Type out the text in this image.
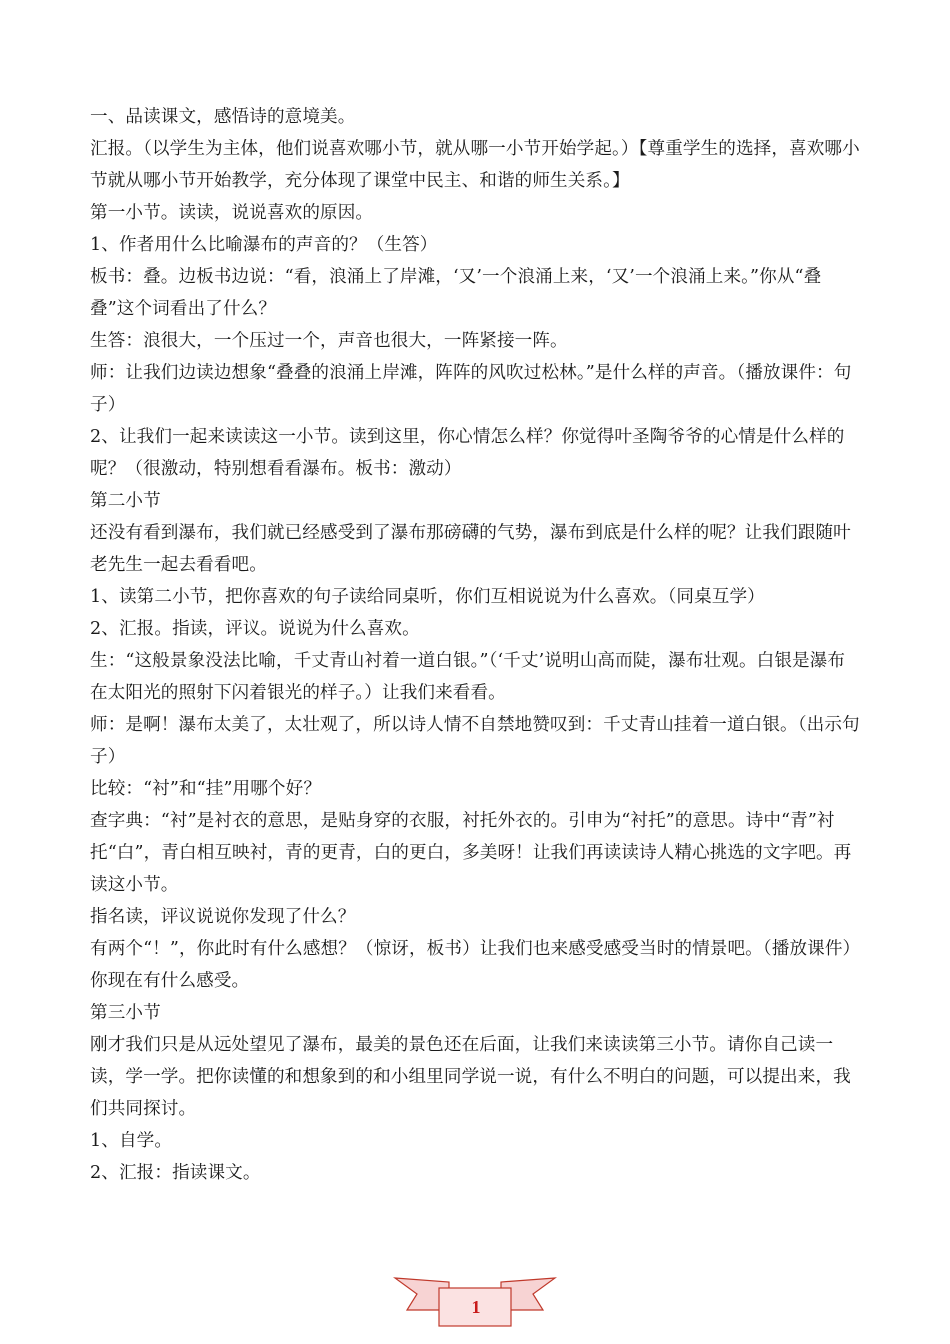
一、品读课文，感悟诗的意境美。

汇报。（以学生为主体，他们说喜欢哪小节，就从哪一小节开始学起。）【尊重学生的选择，喜欢哪小节就从哪小节开始教学，充分体现了课堂中民主、和谐的师生关系。】

第一小节。读读，说说喜欢的原因。

1、作者用什么比喻瀑布的声音的？（生答）

板书：叠。边板书边说：“看，浪涌上了岸滩，‘又’一个浪涌上来，‘又’一个浪涌上来。”你从“叠叠”这个词看出了什么？

生答：浪很大，一个压过一个，声音也很大，一阵紧接一阵。

师：让我们边读边想象“叠叠的浪涌上岸滩，阵阵的风吹过松林。”是什么样的声音。（播放课件：句子）

2、让我们一起来读读这一小节。读到这里，你心情怎么样？你觉得叶圣陶爷爷的心情是什么样的呢？（很激动，特别想看看瀑布。板书：激动）

第二小节

还没有看到瀑布，我们就已经感受到了瀑布那磅礴的气势，瀑布到底是什么样的呢？让我们跟随叶老先生一起去看看吧。

1、读第二小节，把你喜欢的句子读给同桌听，你们互相说说为什么喜欢。（同桌互学）

2、汇报。指读，评议。说说为什么喜欢。

生：“这般景象没法比喻，千丈青山衬着一道白银。”（‘千丈’说明山高而陡，瀑布壮观。白银是瀑布在太阳光的照射下闪着银光的样子。）让我们来看看。

师：是啊！瀑布太美了，太壮观了，所以诗人情不自禁地赞叹到：千丈青山挂着一道白银。（出示句子）

比较：“衬”和“挂”用哪个好？

查字典：“衬”是衬衣的意思，是贴身穿的衣服，衬托外衣的。引申为“衬托”的意思。诗中“青”衬托“白”，青白相互映衬，青的更青，白的更白，多美呀！让我们再读读诗人精心挑选的文字吧。再读这小节。

指名读，评议说说你发现了什么？

有两个“！”，你此时有什么感想？（惊讶，板书）让我们也来感受感受当时的情景吧。（播放课件）你现在有什么感受。

第三小节

刚才我们只是从远处望见了瀑布，最美的景色还在后面，让我们来读读第三小节。请你自己读一读，学一学。把你读懂的和想象到的和小组里同学说一说，有什么不明白的问题，可以提出来，我们共同探讨。

1、自学。

2、汇报：指读课文。

1
